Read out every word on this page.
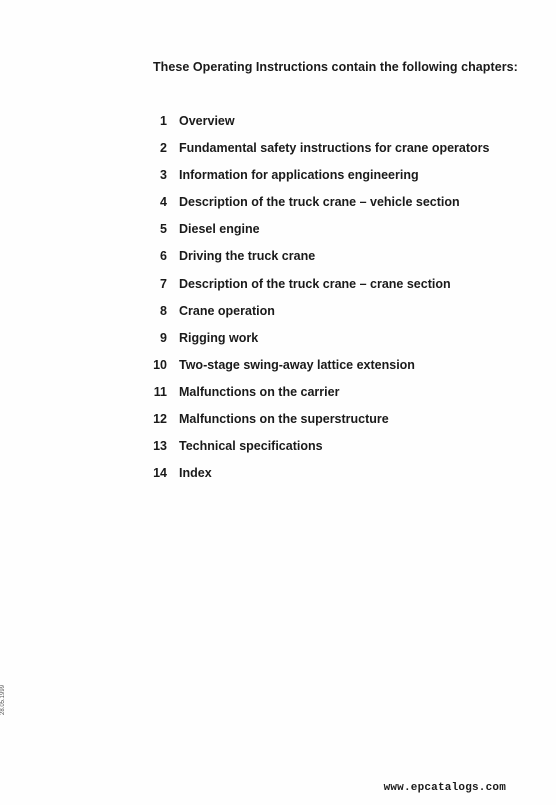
These Operating Instructions contain the following chapters:
1 Overview
2 Fundamental safety instructions for crane operators
3 Information for applications engineering
4 Description of the truck crane – vehicle section
5 Diesel engine
6 Driving the truck crane
7 Description of the truck crane – crane section
8 Crane operation
9 Rigging work
10 Two-stage swing-away lattice extension
11 Malfunctions on the carrier
12 Malfunctions on the superstructure
13 Technical specifications
14 Index
28.05.1999
www.epcatalogs.com
